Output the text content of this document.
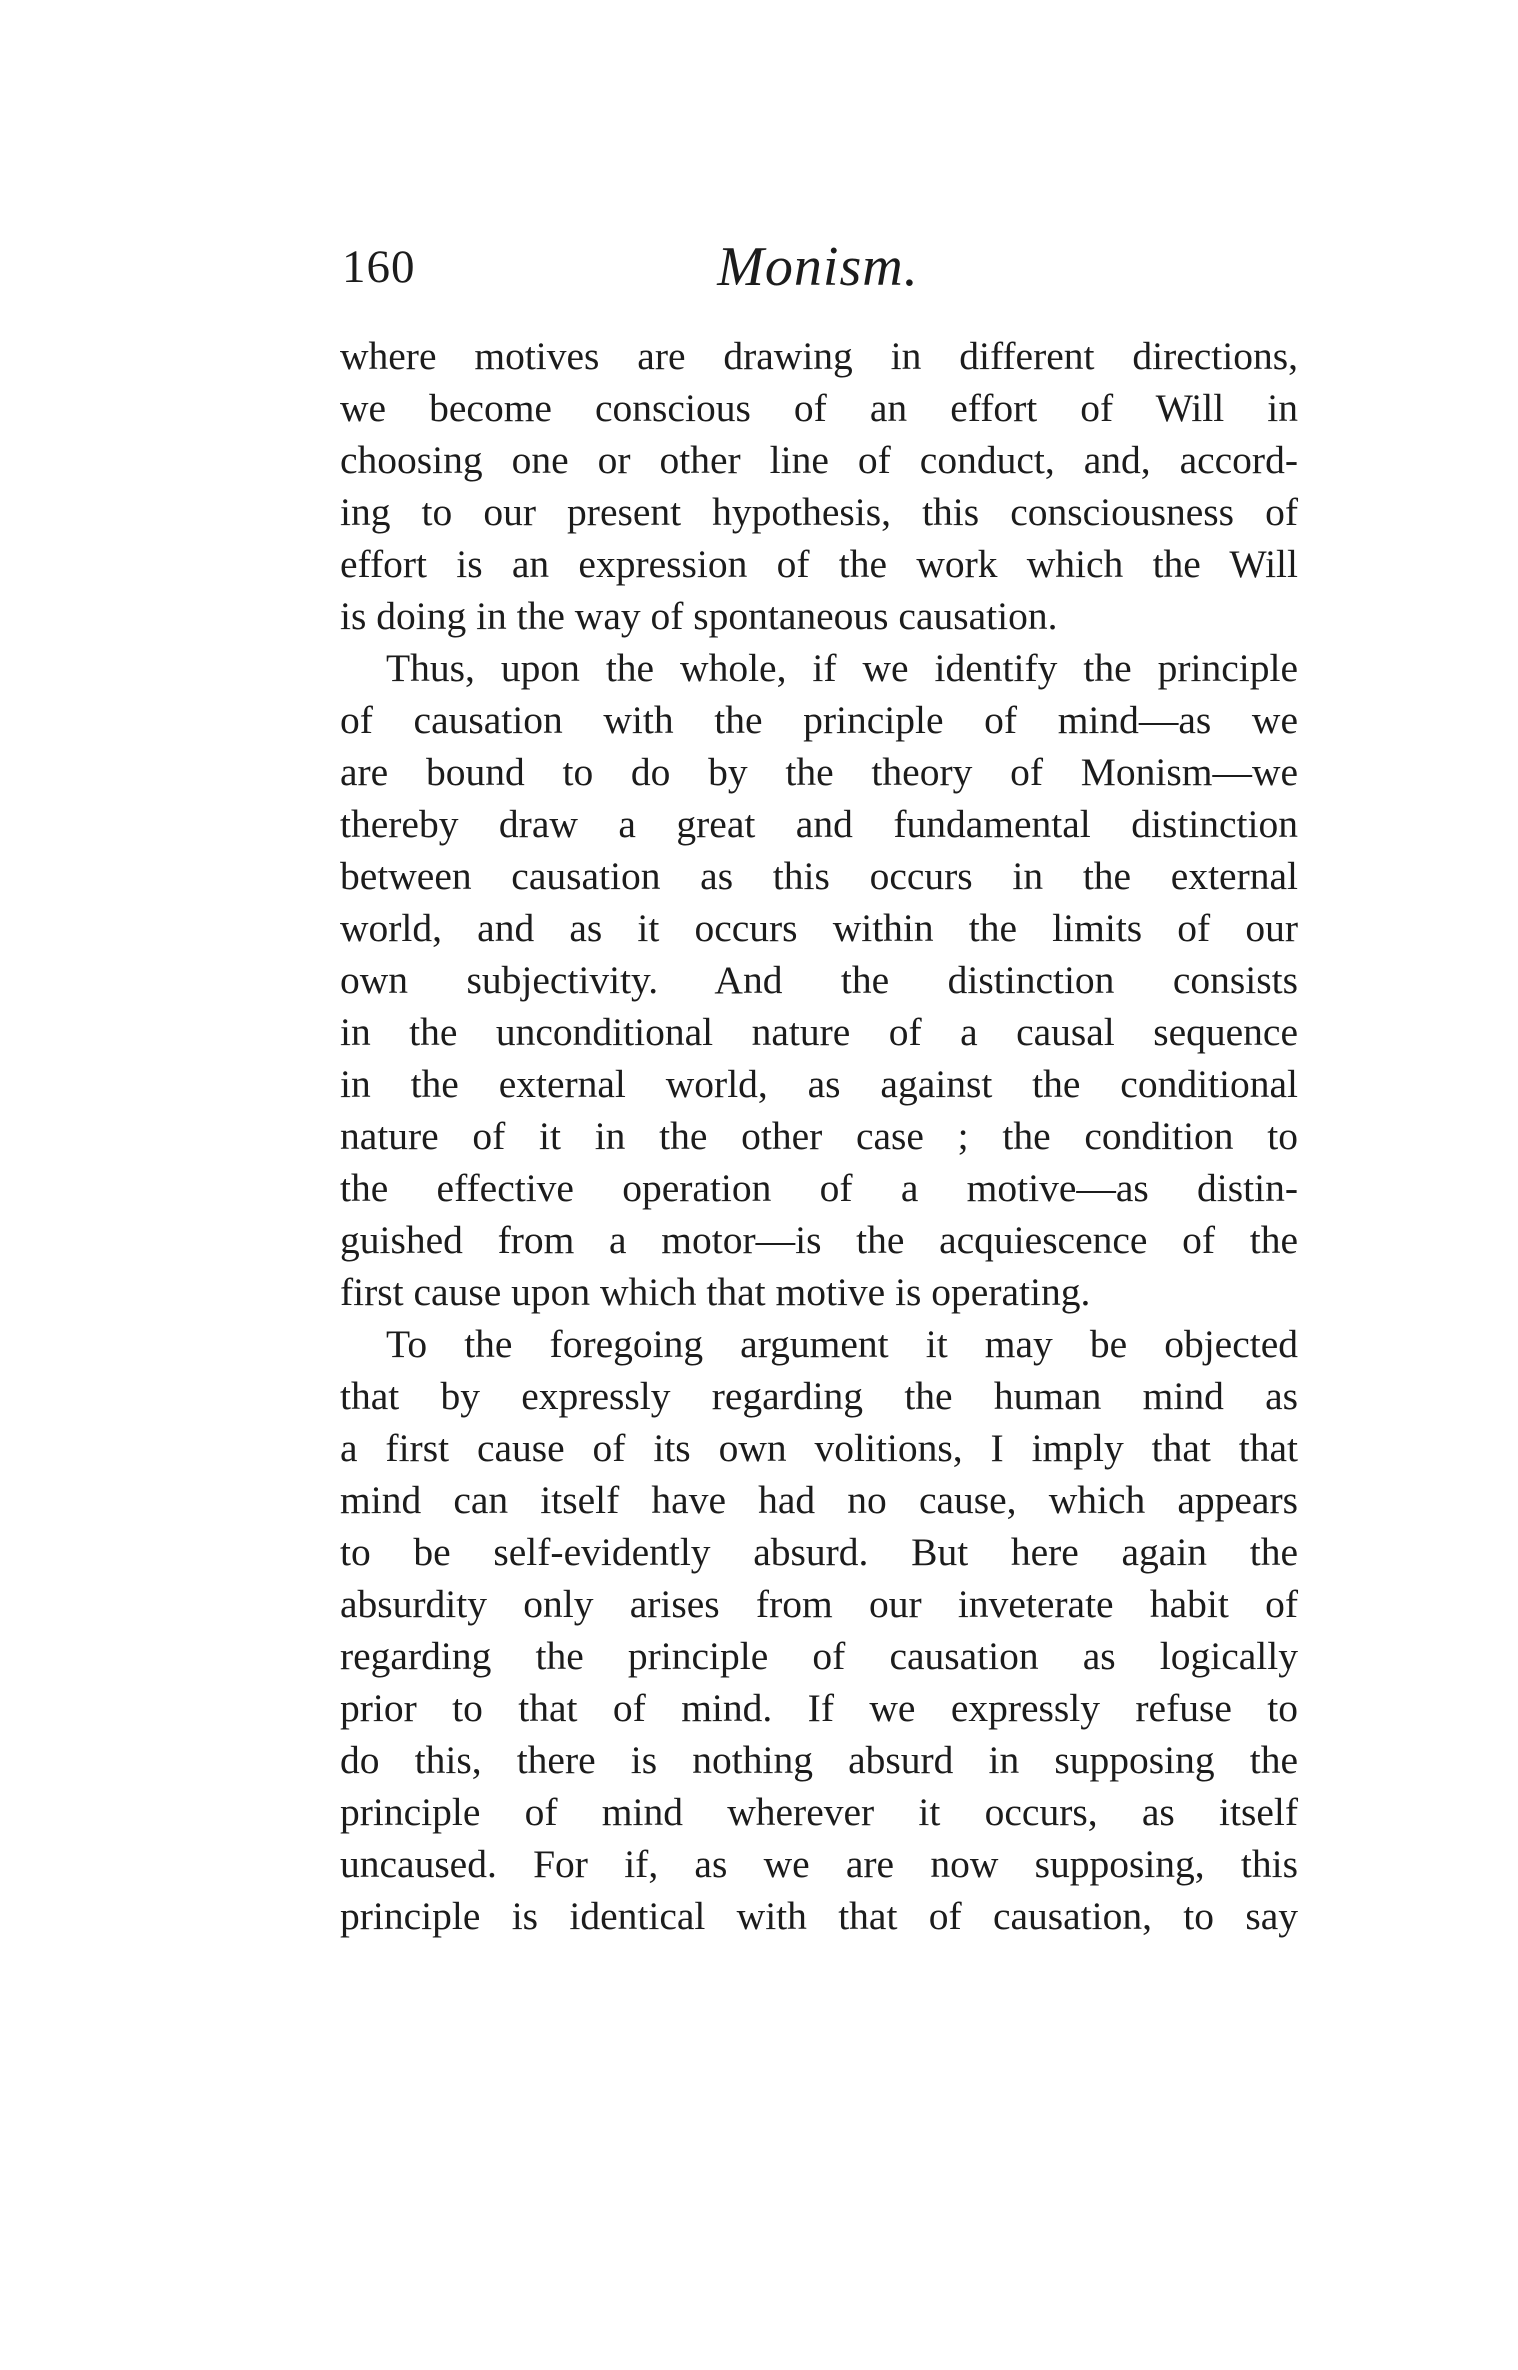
160	Monism.
where motives are drawing in different directions,
we become conscious of an effort of Will in
choosing one or other line of conduct, and, accord-
ing to our present hypothesis, this consciousness of
effort is an expression of the work which the Will
is doing in the way of spontaneous causation.
Thus, upon the whole, if we identify the principle
of causation with the principle of mind—as we
are bound to do by the theory of Monism—we
thereby draw a great and fundamental distinction
between causation as this occurs in the external
world, and as it occurs within the limits of our
own subjectivity. And the distinction consists
in the unconditional nature of a causal sequence
in the external world, as against the conditional
nature of it in the other case ; the condition to
the effective operation of a motive—as distin-
guished from a motor—is the acquiescence of the
first cause upon which that motive is operating.
To the foregoing argument it may be objected
that by expressly regarding the human mind as
a first cause of its own volitions, I imply that that
mind can itself have had no cause, which appears
to be self-evidently absurd. But here again the
absurdity only arises from our inveterate habit of
regarding the principle of causation as logically
prior to that of mind. If we expressly refuse to
do this, there is nothing absurd in supposing the
principle of mind wherever it occurs, as itself
uncaused. For if, as we are now supposing, this
principle is identical with that of causation, to say
